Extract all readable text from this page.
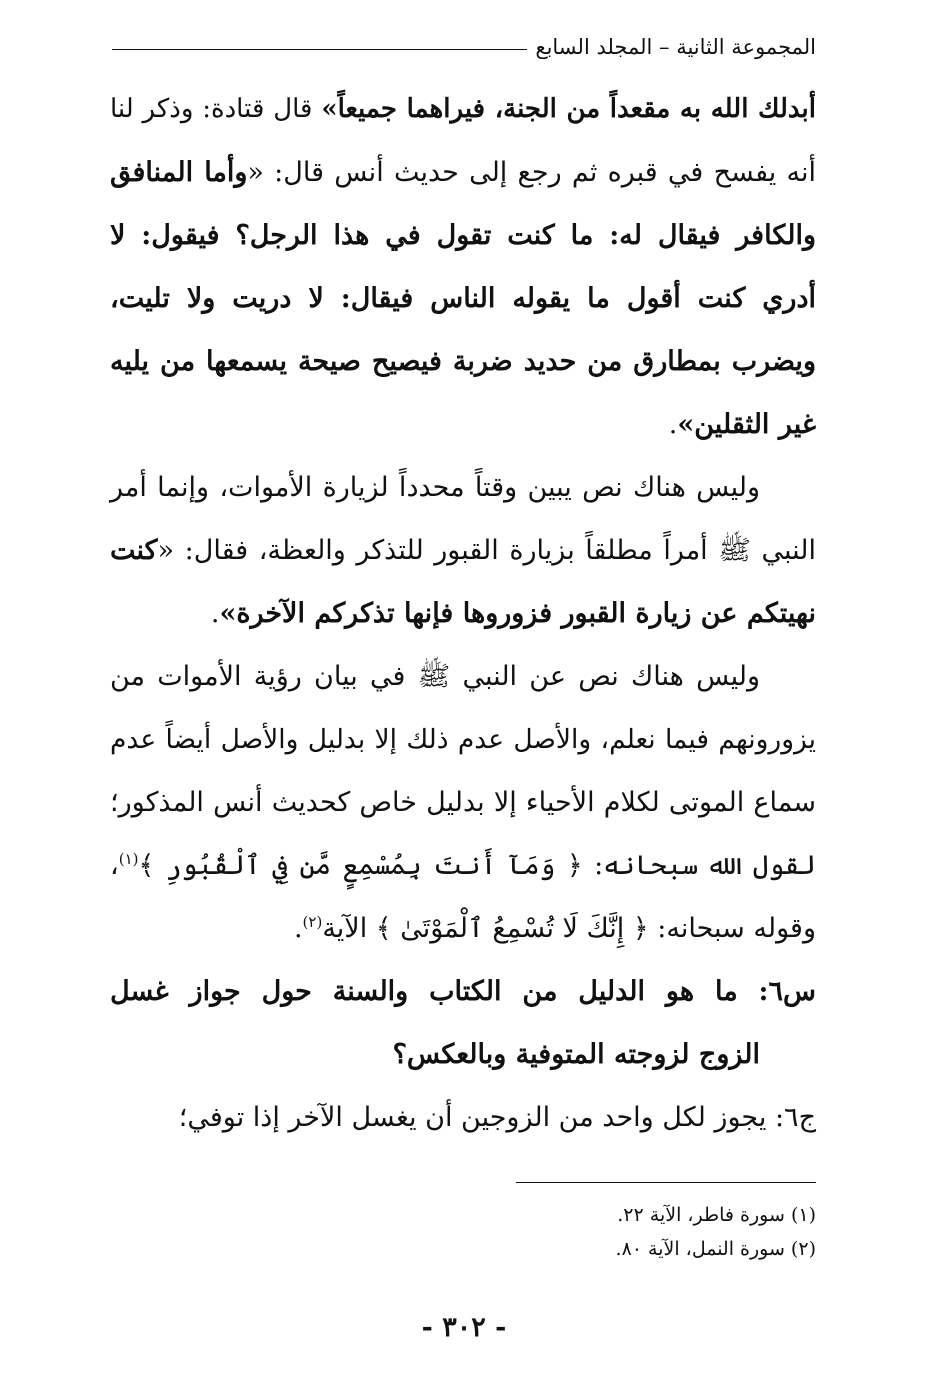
المجموعة الثانية – المجلد السابع
أبدلك الله به مقعداً من الجنة، فيراهما جميعاً» قال قتادة: وذكر لنا
أنه يفسح في قبره ثم رجع إلى حديث أنس قال: «وأما المنافق
والكافر فيقال له: ما كنت تقول في هذا الرجل؟ فيقول: لا
أدري كنت أقول ما يقوله الناس فيقال: لا دريت ولا تليت،
ويضرب بمطارق من حديد ضربة فيصيح صيحة يسمعها من يليه
غير الثقلين».
وليس هناك نص يبين وقتاً محدداً لزيارة الأموات، وإنما أمر
النبي ﷺ أمراً مطلقاً بزيارة القبور للتذكر والعظة، فقال: «كنت
نهيتكم عن زيارة القبور فزوروها فإنها تذكركم الآخرة».
وليس هناك نص عن النبي ﷺ في بيان رؤية الأموات من
يزورونهم فيما نعلم، والأصل عدم ذلك إلا بدليل والأصل أيضاً عدم
سماع الموتى لكلام الأحياء إلا بدليل خاص كحديث أنس المذكور؛
لقول الله سبحانه: ﴿ وَمَآ أَنتَ بِمُسْمِعٍ مَّن فِي ٱلْقُبُورِ ﴾$^{(١)}$،
وقوله سبحانه: ﴿ إِنَّكَ لَا تُسْمِعُ ٱلْمَوْتَىٰ ﴾ الآية$^{(٢)}$.
س٦: ما هو الدليل من الكتاب والسنة حول جواز غسل
الزوج لزوجته المتوفية وبالعكس؟
ج٦: يجوز لكل واحد من الزوجين أن يغسل الآخر إذا توفي؛
(١) سورة فاطر، الآية ٢٢.
(٢) سورة النمل، الآية ٨٠.
- ٣٠٢ -
